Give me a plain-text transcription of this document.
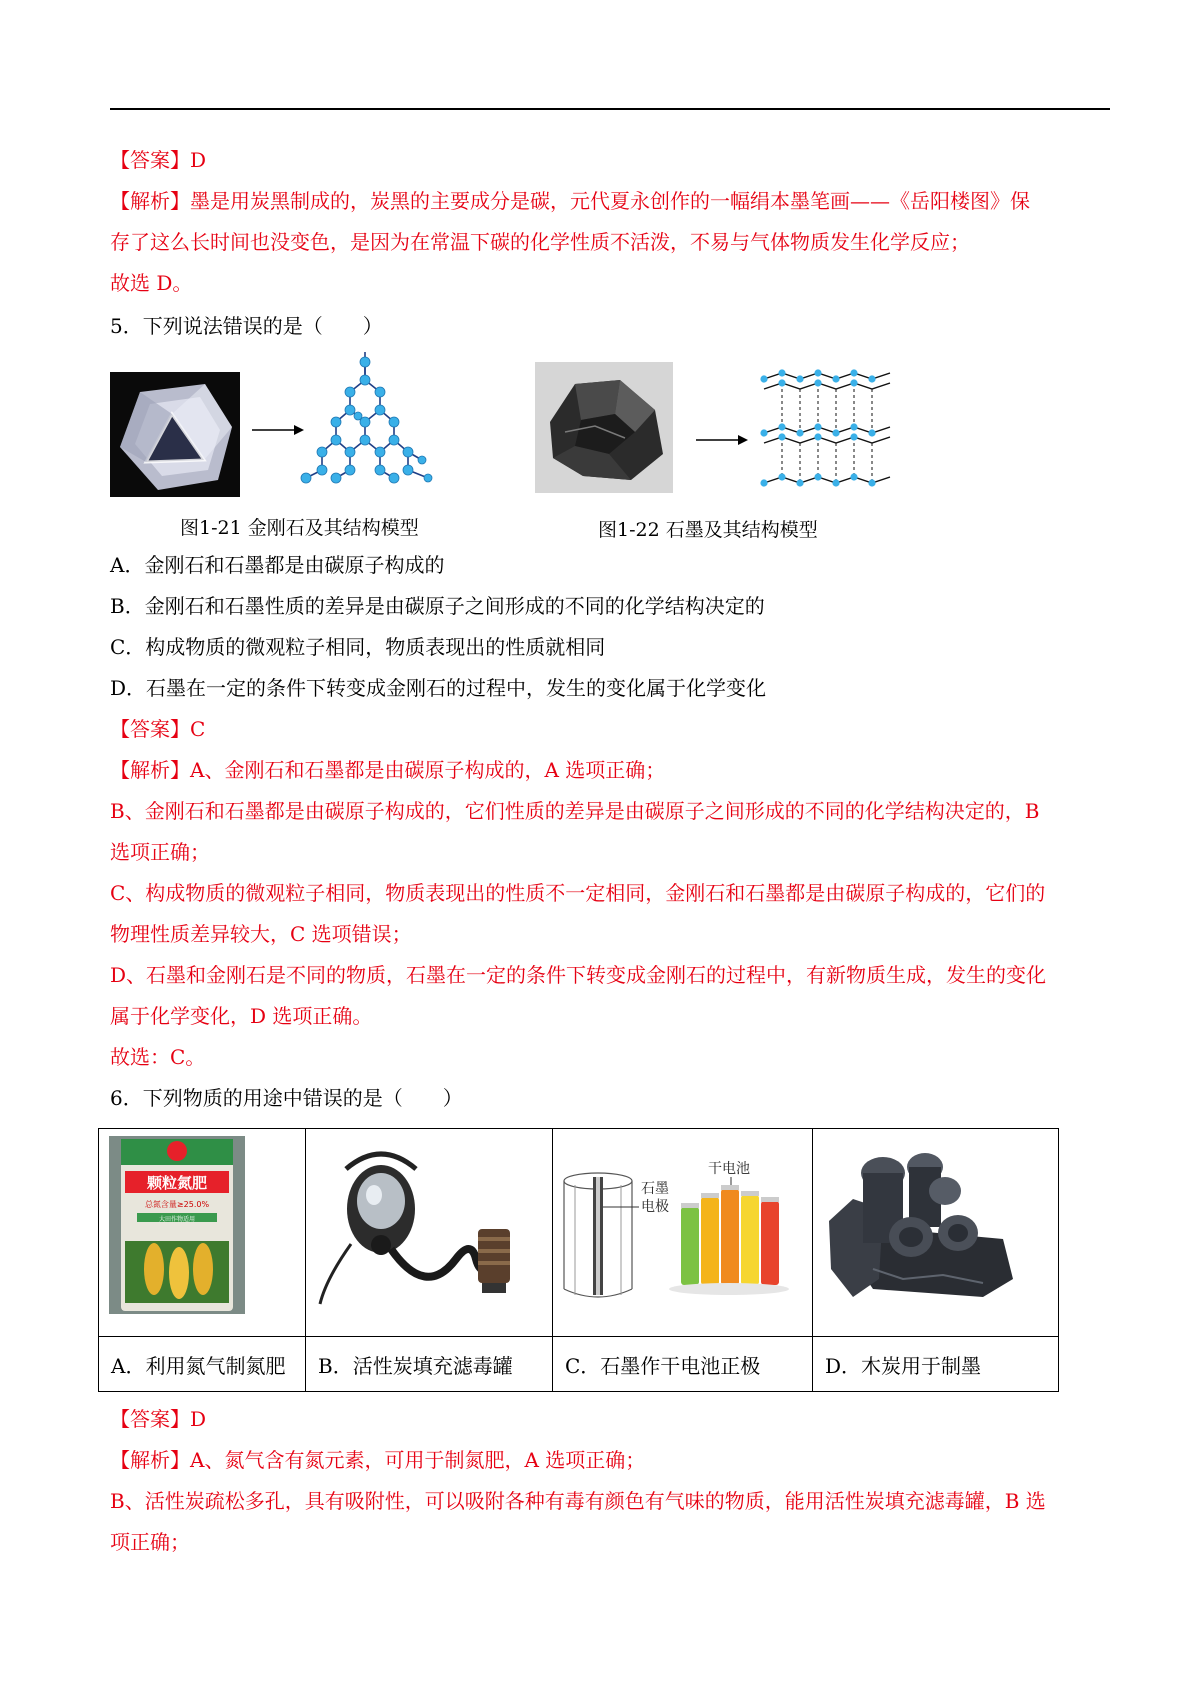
【答案】D
【解析】墨是用炭黑制成的，炭黑的主要成分是碳，元代夏永创作的一幅绢本墨笔画——《岳阳楼图》保
存了这么长时间也没变色，是因为在常温下碳的化学性质不活泼，不易与气体物质发生化学反应；
故选 D。
5．下列说法错误的是（　　）
图1-21 金刚石及其结构模型	图1-22 石墨及其结构模型
A．金刚石和石墨都是由碳原子构成的
B．金刚石和石墨性质的差异是由碳原子之间形成的不同的化学结构决定的
C．构成物质的微观粒子相同，物质表现出的性质就相同
D．石墨在一定的条件下转变成金刚石的过程中，发生的变化属于化学变化
【答案】C
【解析】A、金刚石和石墨都是由碳原子构成的，A 选项正确；
B、金刚石和石墨都是由碳原子构成的，它们性质的差异是由碳原子之间形成的不同的化学结构决定的，B
选项正确；
C、构成物质的微观粒子相同，物质表现出的性质不一定相同，金刚石和石墨都是由碳原子构成的，它们的
物理性质差异较大，C 选项错误；
D、石墨和金刚石是不同的物质，石墨在一定的条件下转变成金刚石的过程中，有新物质生成，发生的变化
属于化学变化，D 选项正确。
故选：C。
6．下列物质的用途中错误的是（　　）
颗粒氮肥
总氮含量≥25.0%
大田作物适用		石墨
电极
干电池

A．利用氮气制氮肥	B．活性炭填充滤毒罐	C．石墨作干电池正极	D．木炭用于制墨
【答案】D
【解析】A、氮气含有氮元素，可用于制氮肥，A 选项正确；
B、活性炭疏松多孔，具有吸附性，可以吸附各种有毒有颜色有气味的物质，能用活性炭填充滤毒罐，B 选
项正确；
